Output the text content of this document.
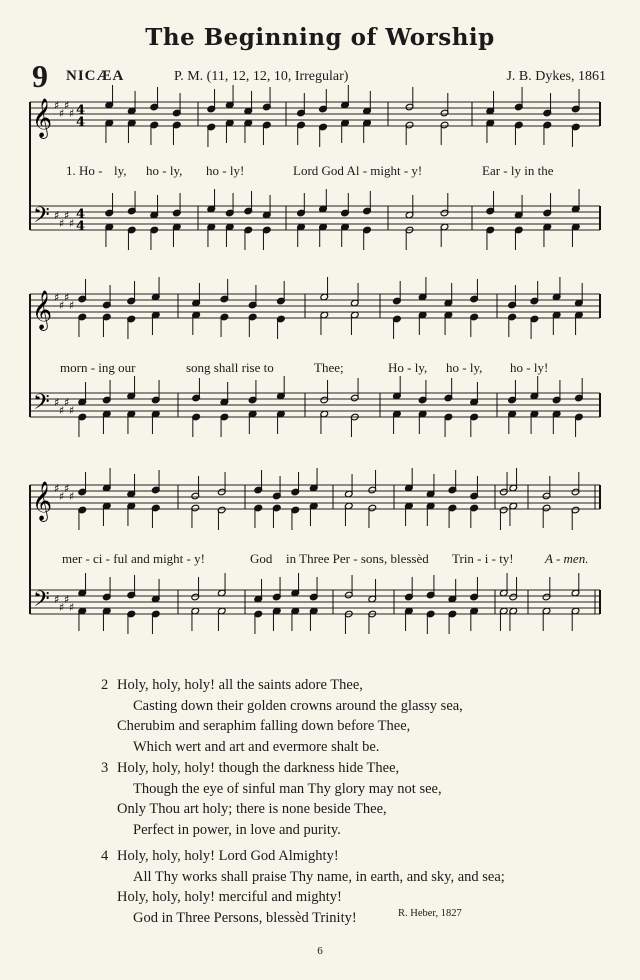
The Beginning of Worship
9 NICÆA	P. M. (11, 12, 12, 10, Irregular)	J. B. Dykes, 1861
𝄞
𝄢
♯
♯
♯
♯
♯
♯
♯
♯
4
4
4
4
𝄞
𝄢
♯
♯
♯
♯
♯
♯
♯
♯
𝄞
𝄢
♯
♯
♯
♯
♯
♯
♯
♯
1. Ho - ly, ho - ly, ho - ly!	Lord God Al - might - y!	Ear - ly in the
morn - ing our	song shall rise to	Thee;	Ho - ly, ho - ly, ho - ly!
mer - ci - ful and might - y!	God in Three Per - sons, blessèd Trin - i - ty! A - men.
2 Holy, holy, holy! all the saints adore Thee,
Casting down their golden crowns around the glassy sea,
Cherubim and seraphim falling down before Thee,
Which wert and art and evermore shalt be.
3 Holy, holy, holy! though the darkness hide Thee,
Though the eye of sinful man Thy glory may not see,
Only Thou art holy; there is none beside Thee,
Perfect in power, in love and purity.
4 Holy, holy, holy! Lord God Almighty!
All Thy works shall praise Thy name, in earth, and sky, and sea;
Holy, holy, holy! merciful and mighty!
God in Three Persons, blessèd Trinity!	R. Heber, 1827
6
